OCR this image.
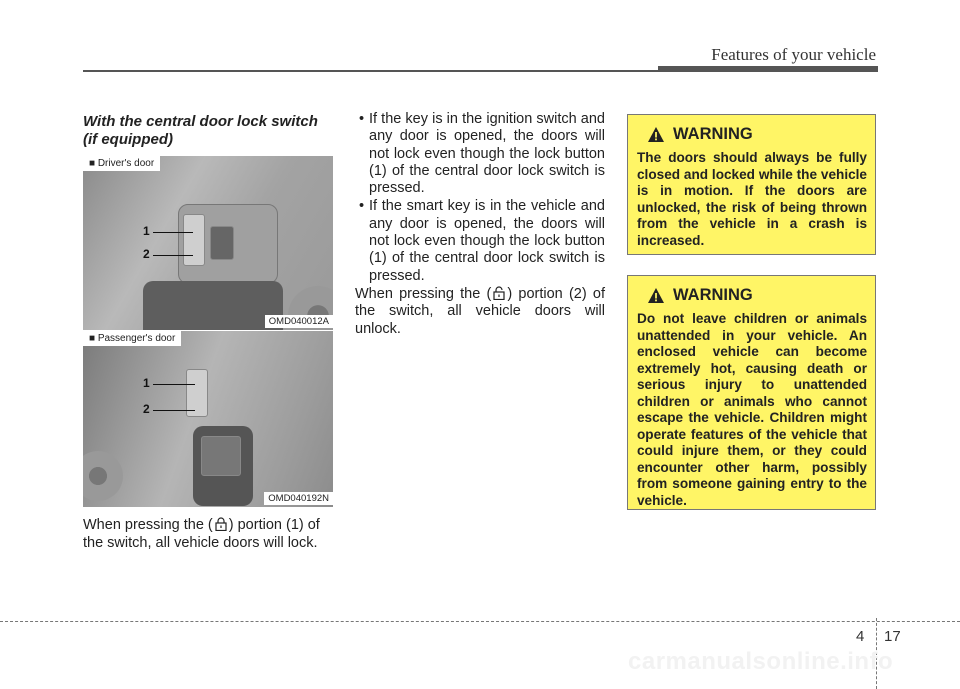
Features of your vehicle
With the central door lock switch (if equipped)
1
2
■ Driver's door
OMD040012A
1
2
■ Passenger's door
OMD040192N
When pressing the ( ) portion (1) of the switch, all vehicle doors will lock.
• If the key is in the ignition switch and any door is opened, the doors will not lock even though the lock button (1) of the central door lock switch is pressed.
• If the smart key is in the vehicle and any door is opened, the doors will not lock even though the lock button (1) of the central door lock switch is pressed.
When pressing the ( ) portion (2) of the switch, all vehicle doors will unlock.
WARNING
The doors should always be fully closed and locked while the vehicle is in motion. If the doors are unlocked, the risk of being thrown from the vehicle in a crash is increased.
WARNING
Do not leave children or animals unattended in your vehicle. An enclosed vehicle can become extremely hot, causing death or serious injury to unattended children or animals who cannot escape the vehicle. Children might operate features of the vehicle that could injure them, or they could encounter other harm, possibly from someone gaining entry to the vehicle.
4 17
carmanualsonline.info
